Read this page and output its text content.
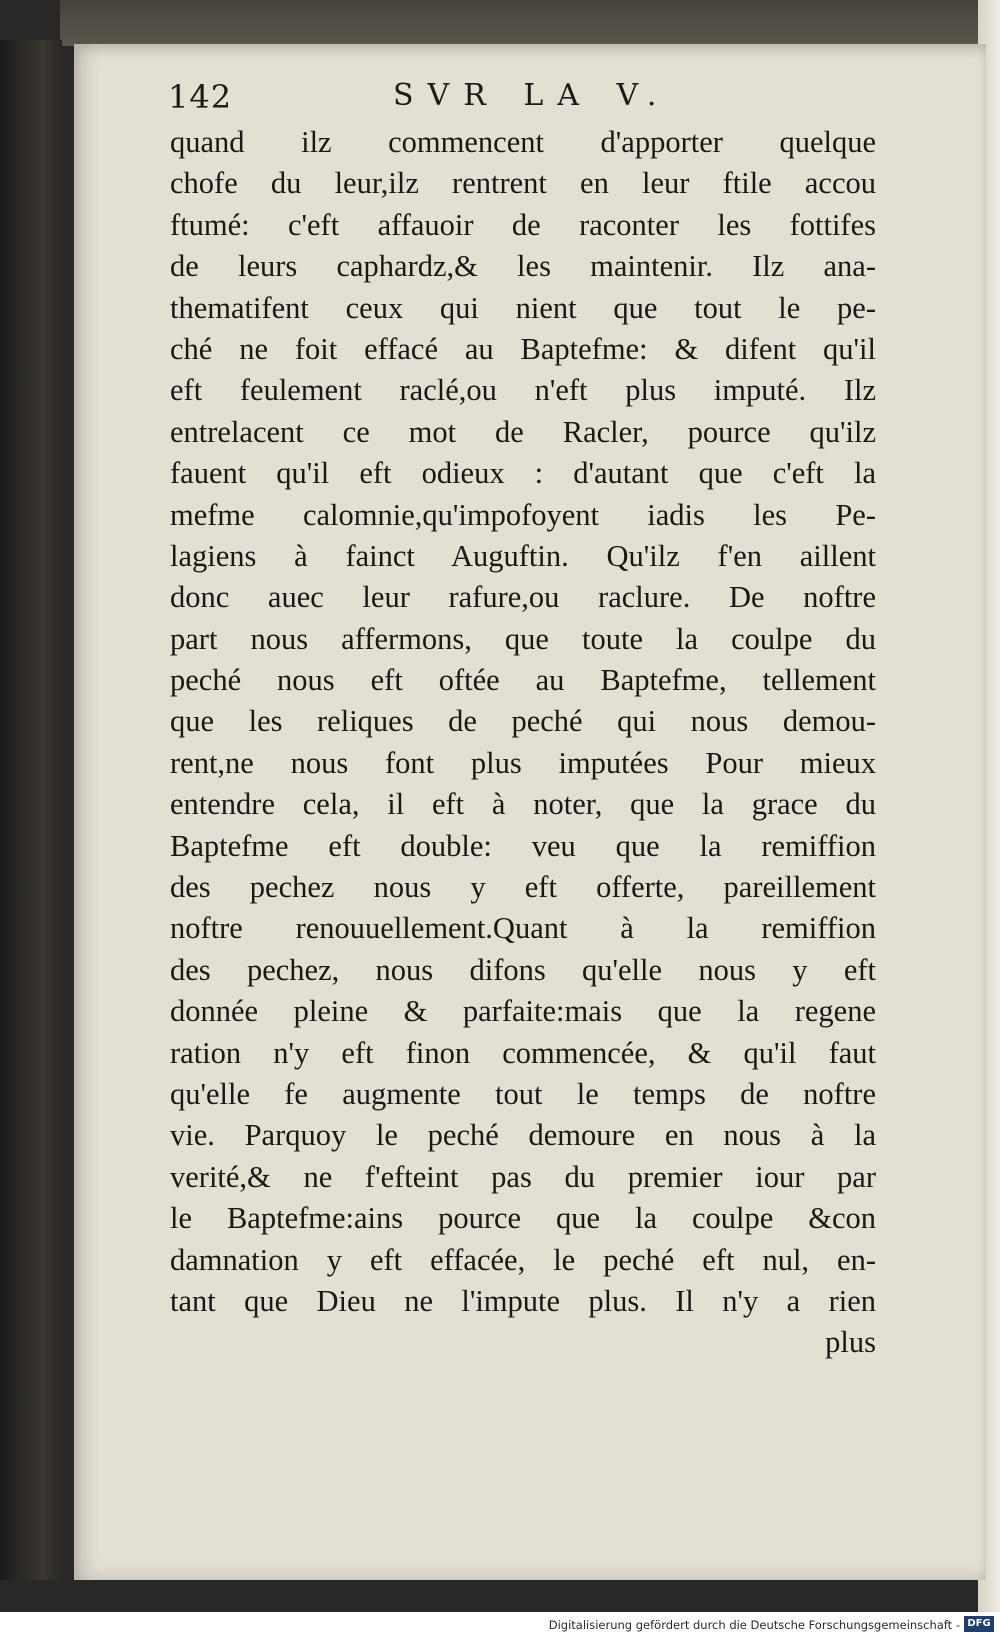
142	SVR LA V.
quand ilz commencent d'apporter quelque
chofe du leur,ilz rentrent en leur ftile accou
ftumé: c'eft affauoir de raconter les fottifes
de leurs caphardz,& les maintenir. Ilz ana-
thematifent ceux qui nient que tout le pe-
ché ne foit effacé au Baptefme: & difent qu'il
eft feulement raclé,ou n'eft plus imputé. Ilz
entrelacent ce mot de Racler, pource qu'ilz
fauent qu'il eft odieux : d'autant que c'eft la
mefme calomnie,qu'impofoyent iadis les Pe-
lagiens à fainct Auguftin. Qu'ilz f'en aillent
donc auec leur rafure,ou raclure. De noftre
part nous affermons, que toute la coulpe du
peché nous eft oftée au Baptefme, tellement
que les reliques de peché qui nous demou-
rent,ne nous font plus imputées Pour mieux
entendre cela, il eft à noter, que la grace du
Baptefme eft double: veu que la remiffion
des pechez nous y eft offerte, pareillement
noftre renouuellement.Quant à la remiffion
des pechez, nous difons qu'elle nous y eft
donnée pleine & parfaite:mais que la regene
ration n'y eft finon commencée, & qu'il faut
qu'elle fe augmente tout le temps de noftre
vie. Parquoy le peché demoure en nous à la
verité,& ne f'efteint pas du premier iour par
le Baptefme:ains pource que la coulpe &con
damnation y eft effacée, le peché eft nul, en-
tant que Dieu ne l'impute plus. Il n'y a rien
plus
Digitalisierung gefördert durch die Deutsche Forschungsgemeinschaft - DFG
